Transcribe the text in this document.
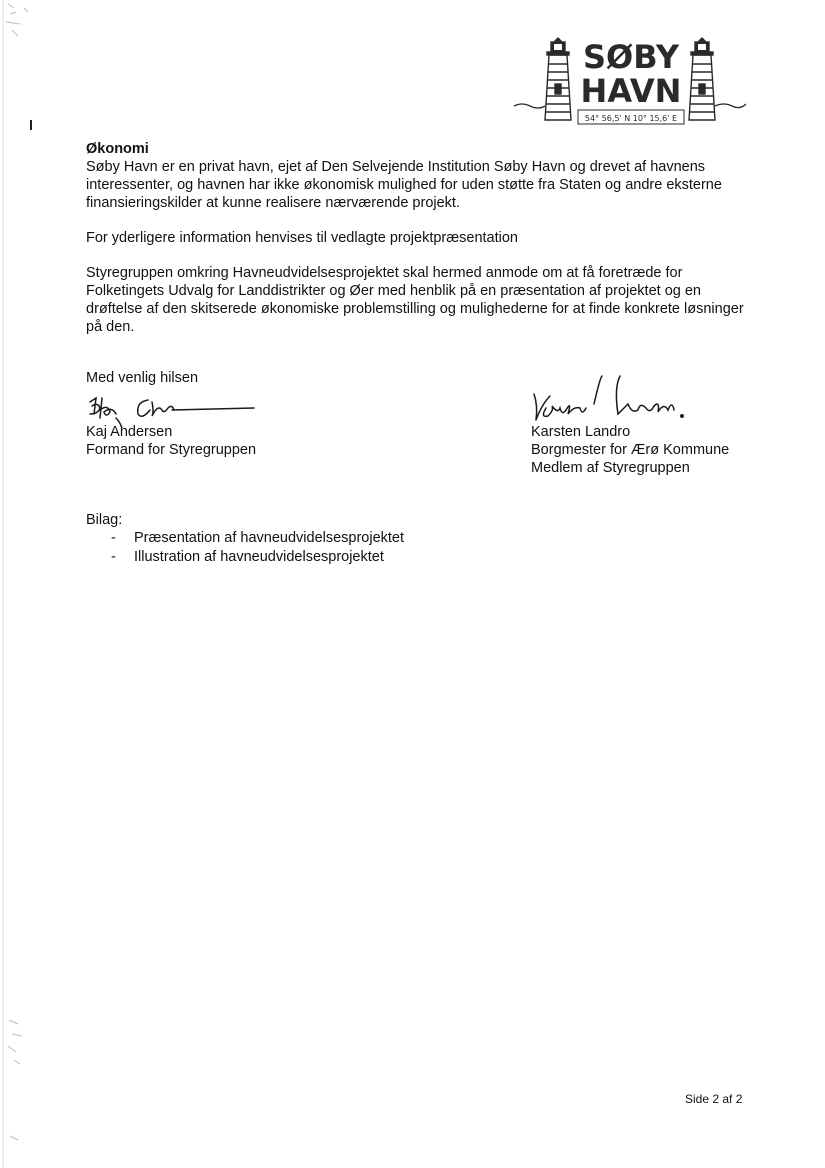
SØBY
HAVN
54° 56,5' N 10° 15,6' E
Økonomi
Søby Havn er en privat havn, ejet af Den Selvejende Institution Søby Havn og drevet af havnens interessenter, og havnen har ikke økonomisk mulighed for uden støtte fra Staten og andre eksterne finansieringskilder at kunne realisere nærværende projekt.
For yderligere information henvises til vedlagte projektpræsentation
Styregruppen omkring Havneudvidelsesprojektet skal hermed anmode om at få foretræde for Folketingets Udvalg for Landdistrikter og Øer med henblik på en præsentation af projektet og en drøftelse af den skitserede økonomiske problemstilling og mulighederne for at finde konkrete løsninger på den.
Med venlig hilsen
Kaj Andersen
Formand for Styregruppen
Karsten Landro
Borgmester for Ærø Kommune
Medlem af Styregruppen
Bilag:
- Præsentation af havneudvidelsesprojektet
- Illustration af havneudvidelsesprojektet
Side 2 af 2
